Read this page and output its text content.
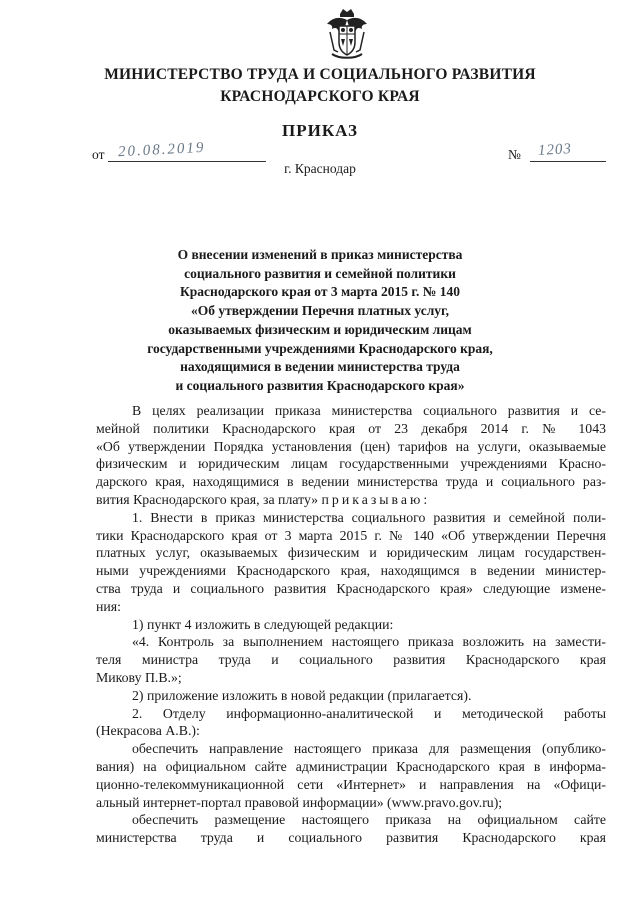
МИНИСТЕРСТВО ТРУДА И СОЦИАЛЬНОГО РАЗВИТИЯ
КРАСНОДАРСКОГО КРАЯ
ПРИКАЗ
от 20.08.2019	№ 1203
г. Краснодар
О внесении изменений в приказ министерства
социального развития и семейной политики
Краснодарского края от 3 марта 2015 г. № 140
«Об утверждении Перечня платных услуг,
оказываемых физическим и юридическим лицам
государственными учреждениями Краснодарского края,
находящимися в ведении министерства труда
и социального развития Краснодарского края»

В целях реализации приказа министерства социального развития и се-

мейной политики Краснодарского края от 23 декабря 2014 г. № 1043

«Об утверждении Порядка установления (цен) тарифов на услуги, оказываемые

физическим и юридическим лицам государственными учреждениями Красно-

дарского края, находящимися в ведении министерства труда и социального раз-

вития Краснодарского края, за плату» приказываю:

1. Внести в приказ министерства социального развития и семейной поли-

тики Краснодарского края от 3 марта 2015 г. № 140 «Об утверждении Перечня

платных услуг, оказываемых физическим и юридическим лицам государствен-

ными учреждениями Краснодарского края, находящимся в ведении министер-

ства труда и социального развития Краснодарского края» следующие измене-

ния:

1) пункт 4 изложить в следующей редакции:

«4. Контроль за выполнением настоящего приказа возложить на замести-

теля министра труда и социального развития Краснодарского края

Микову П.В.»;

2) приложение изложить в новой редакции (прилагается).

2. Отделу информационно-аналитической и методической работы

(Некрасова А.В.):

обеспечить направление настоящего приказа для размещения (опублико-

вания) на официальном сайте администрации Краснодарского края в информа-

ционно-телекоммуникационной сети «Интернет» и направления на «Офици-

альный интернет-портал правовой информации» (www.pravo.gov.ru);

обеспечить размещение настоящего приказа на официальном сайте

министерства труда и социального развития Краснодарского края
